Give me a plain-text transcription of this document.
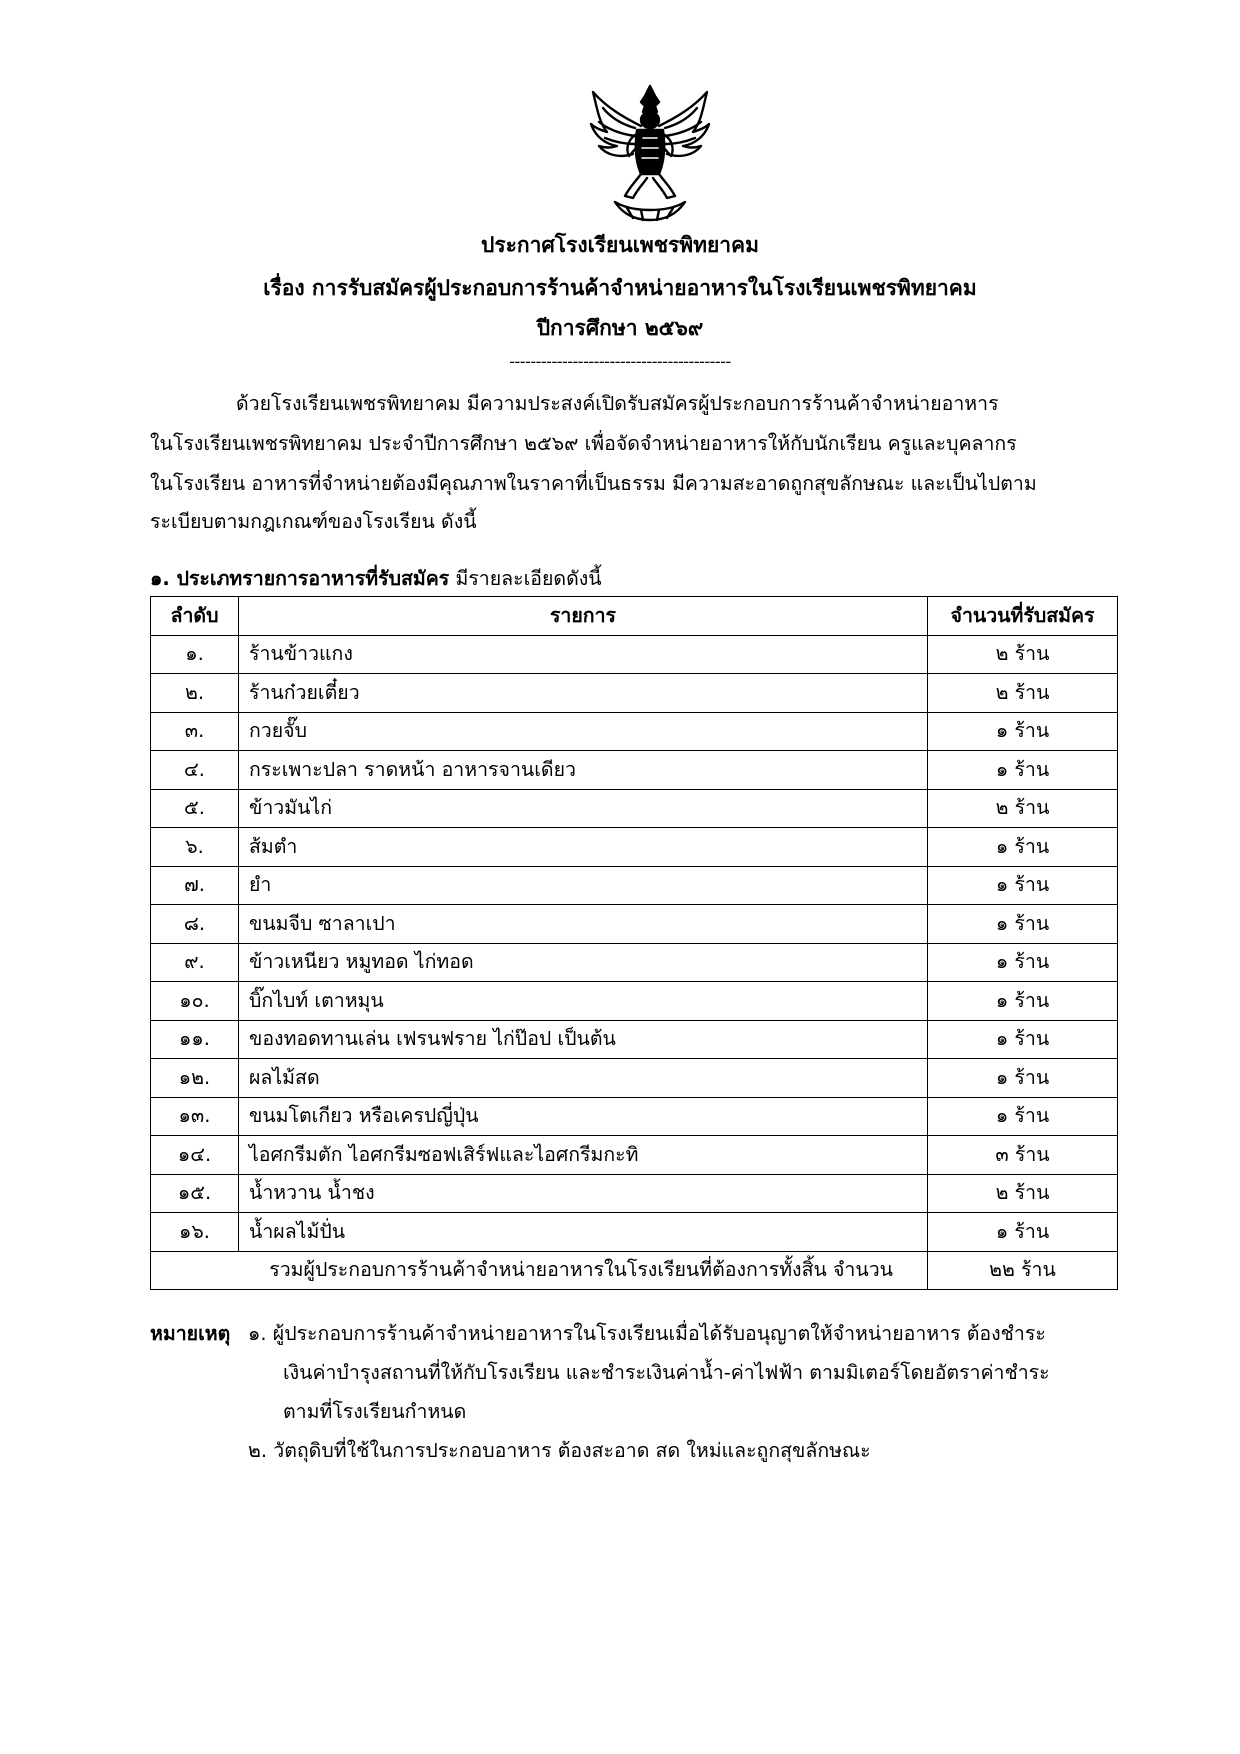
ประกาศโรงเรียนเพชรพิทยาคม
เรื่อง การรับสมัครผู้ประกอบการร้านค้าจำหน่ายอาหารในโรงเรียนเพชรพิทยาคม
ปีการศึกษา ๒๕๖๙
------------------------------------------
ด้วยโรงเรียนเพชรพิทยาคม มีความประสงค์เปิดรับสมัครผู้ประกอบการร้านค้าจำหน่ายอาหาร
ในโรงเรียนเพชรพิทยาคม ประจำปีการศึกษา ๒๕๖๙ เพื่อจัดจำหน่ายอาหารให้กับนักเรียน ครูและบุคลากร
ในโรงเรียน อาหารที่จำหน่ายต้องมีคุณภาพในราคาที่เป็นธรรม มีความสะอาดถูกสุขลักษณะ และเป็นไปตาม
ระเบียบตามกฎเกณฑ์ของโรงเรียน ดังนี้
๑. ประเภทรายการอาหารที่รับสมัคร มีรายละเอียดดังนี้
ลำดับ	รายการ	จำนวนที่รับสมัคร
๑.	ร้านข้าวแกง	๒ ร้าน
๒.	ร้านก๋วยเตี๋ยว	๒ ร้าน
๓.	กวยจั๊บ	๑ ร้าน
๔.	กระเพาะปลา ราดหน้า อาหารจานเดียว	๑ ร้าน
๕.	ข้าวมันไก่	๒ ร้าน
๖.	ส้มตำ	๑ ร้าน
๗.	ยำ	๑ ร้าน
๘.	ขนมจีบ ซาลาเปา	๑ ร้าน
๙.	ข้าวเหนียว หมูทอด ไก่ทอด	๑ ร้าน
๑๐.	บิ๊กไบท์ เตาหมุน	๑ ร้าน
๑๑.	ของทอดทานเล่น เฟรนฟราย ไก่ป๊อป เป็นต้น	๑ ร้าน
๑๒.	ผลไม้สด	๑ ร้าน
๑๓.	ขนมโตเกียว หรือเครปญี่ปุ่น	๑ ร้าน
๑๔.	ไอศกรีมตัก ไอศกรีมซอฟเสิร์ฟและไอศกรีมกะทิ	๓ ร้าน
๑๕.	น้ำหวาน น้ำชง	๒ ร้าน
๑๖.	น้ำผลไม้ปั่น	๑ ร้าน
รวมผู้ประกอบการร้านค้าจำหน่ายอาหารในโรงเรียนที่ต้องการทั้งสิ้น จำนวน		๒๒ ร้าน
หมายเหตุ ๑. ผู้ประกอบการร้านค้าจำหน่ายอาหารในโรงเรียนเมื่อได้รับอนุญาตให้จำหน่ายอาหาร ต้องชำระ
เงินค่าบำรุงสถานที่ให้กับโรงเรียน และชำระเงินค่าน้ำ-ค่าไฟฟ้า ตามมิเตอร์โดยอัตราค่าชำระ
ตามที่โรงเรียนกำหนด
๒. วัตถุดิบที่ใช้ในการประกอบอาหาร ต้องสะอาด สด ใหม่และถูกสุขลักษณะ
